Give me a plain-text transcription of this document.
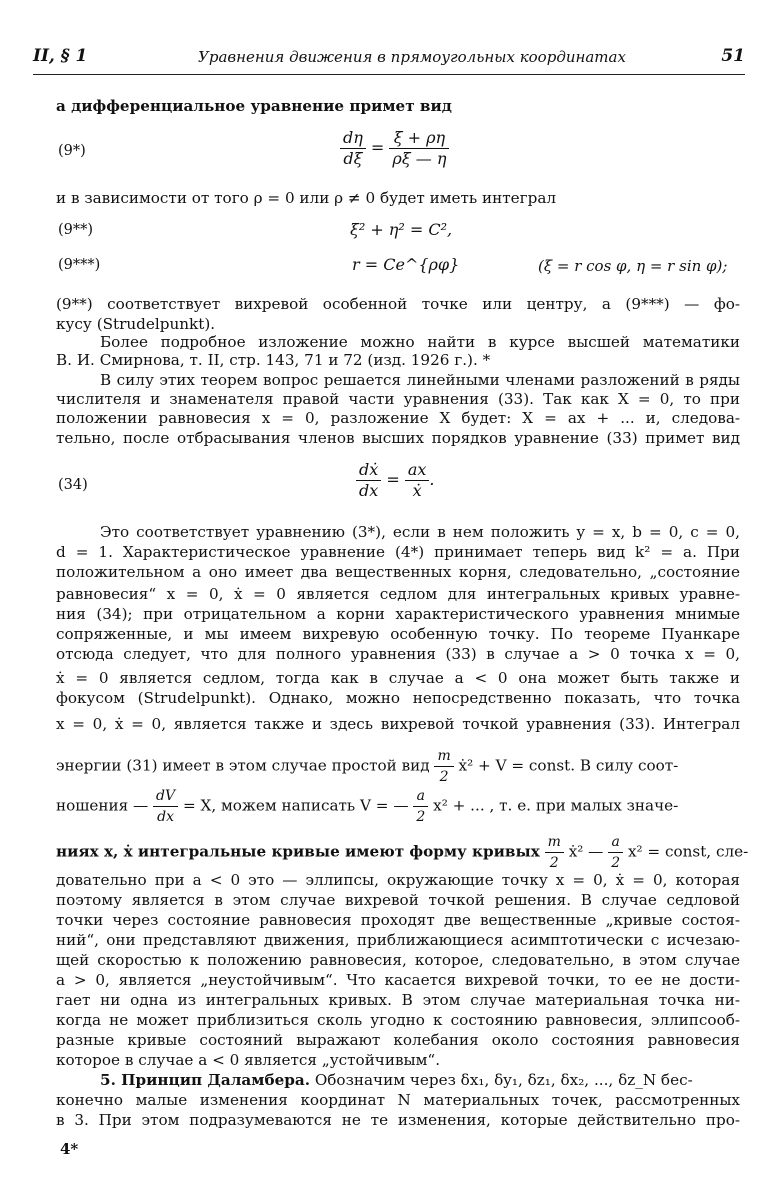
II, § 1	Уравнения движения в прямоугольных координатах	51
а дифференциальное уравнение примет вид
(9*)	$\frac{d\eta}{d\xi} = \frac{\xi + \rho\eta}{\rho\xi — \eta}$
и в зависимости от того ρ = 0 или ρ ≠ 0 будет иметь интеграл
(9**)	ξ² + η² = C²,
(9***)	r = Ce^{ρφ}	(ξ = r cos φ, η = r sin φ);
(9**) соответствует вихревой особенной точке или центру, а (9***) — фо-
кусу (Strudelpunkt).
Более подробное изложение можно найти в курсе высшей математики
В. И. Смирнова, т. II, стр. 143, 71 и 72 (изд. 1926 г.). *
В силу этих теорем вопрос решается линейными членами разложений в ряды
числителя и знаменателя правой части уравнения (33). Так как X = 0, то при
положении равновесия x = 0, разложение X будет: X = ax + ... и, следова-
тельно, после отбрасывания членов высших порядков уравнение (33) примет вид
(34)	$\frac{\text{dẋ}}{dx} = \frac{ax}{\text{ẋ}}$ .
Это соответствует уравнению (3*), если в нем положить y = x, b = 0, c = 0,
d = 1. Характеристическое уравнение (4*) принимает теперь вид k² = a. При
положительном a оно имеет два вещественных корня, следовательно, „состояние
равновесия“ x = 0, ẋ = 0 является седлом для интегральных кривых уравне-
ния (34); при отрицательном a корни характеристического уравнения мнимые
сопряженные, и мы имеем вихревую особенную точку. По теореме Пуанкаре
отсюда следует, что для полного уравнения (33) в случае a > 0 точка x = 0,
ẋ = 0 является седлом, тогда как в случае a < 0 она может быть также и
фокусом (Strudelpunkt). Однако, можно непосредственно показать, что точка
x = 0, ẋ = 0, является также и здесь вихревой точкой уравнения (33). Интеграл
энергии (31) имеет в этом случае простой вид $\frac{m}{2}$ ẋ² + V = const. В силу соот-
ношения — $\frac{dV}{dx} = X$, можем написать V = — $\frac{a}{2} x^2$ + ... , т. е. при малых значе-
ниях x, ẋ интегральные кривые имеют форму кривых $\frac{m}{2}$ ẋ² — $\frac{a}{2} x^2$ = const, сле-
довательно при a < 0 это — эллипсы, окружающие точку x = 0, ẋ = 0, которая
поэтому является в этом случае вихревой точкой решения. В случае седловой
точки через состояние равновесия проходят две вещественные „кривые состоя-
ний“, они представляют движения, приближающиеся асимптотически с исчезаю-
щей скоростью к положению равновесия, которое, следовательно, в этом случае
a > 0, является „неустойчивым“. Что касается вихревой точки, то ее не дости-
гает ни одна из интегральных кривых. В этом случае материальная точка ни-
когда не может приблизиться сколь угодно к состоянию равновесия, эллипсооб-
разные кривые состояний выражают колебания около состояния равновесия
которое в случае a < 0 является „устойчивым“.
5. Принцип Даламбера. Обозначим через δx₁, δy₁, δz₁, δx₂, ..., δz_N бес-
конечно малые изменения координат N материальных точек, рассмотренных
в 3. При этом подразумеваются не те изменения, которые действительно про-
4*
